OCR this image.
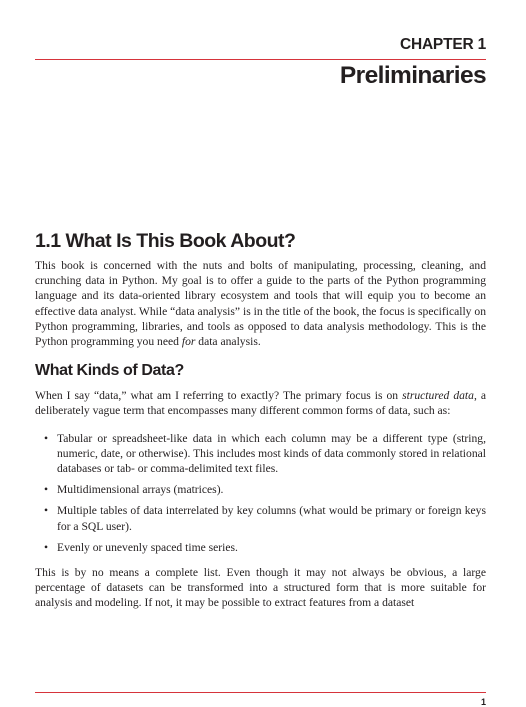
CHAPTER 1
Preliminaries
1.1 What Is This Book About?

This book is concerned with the nuts and bolts of manipulating, processing, cleaning, and crunching data in Python. My goal is to offer a guide to the parts of the Python programming language and its data-oriented library ecosystem and tools that will equip you to become an effective data analyst. While “data analysis” is in the title of the book, the focus is specifically on Python programming, libraries, and tools as opposed to data analysis methodology. This is the Python programming you need for data analysis.

What Kinds of Data?

When I say “data,” what am I referring to exactly? The primary focus is on structured data, a deliberately vague term that encompasses many different common forms of data, such as:

• Tabular or spreadsheet-like data in which each column may be a different type (string, numeric, date, or otherwise). This includes most kinds of data commonly stored in relational databases or tab- or comma-delimited text files.
• Multidimensional arrays (matrices).
• Multiple tables of data interrelated by key columns (what would be primary or foreign keys for a SQL user).
• Evenly or unevenly spaced time series.

This is by no means a complete list. Even though it may not always be obvious, a large percentage of datasets can be transformed into a structured form that is more suitable for analysis and modeling. If not, it may be possible to extract features from a dataset

1
